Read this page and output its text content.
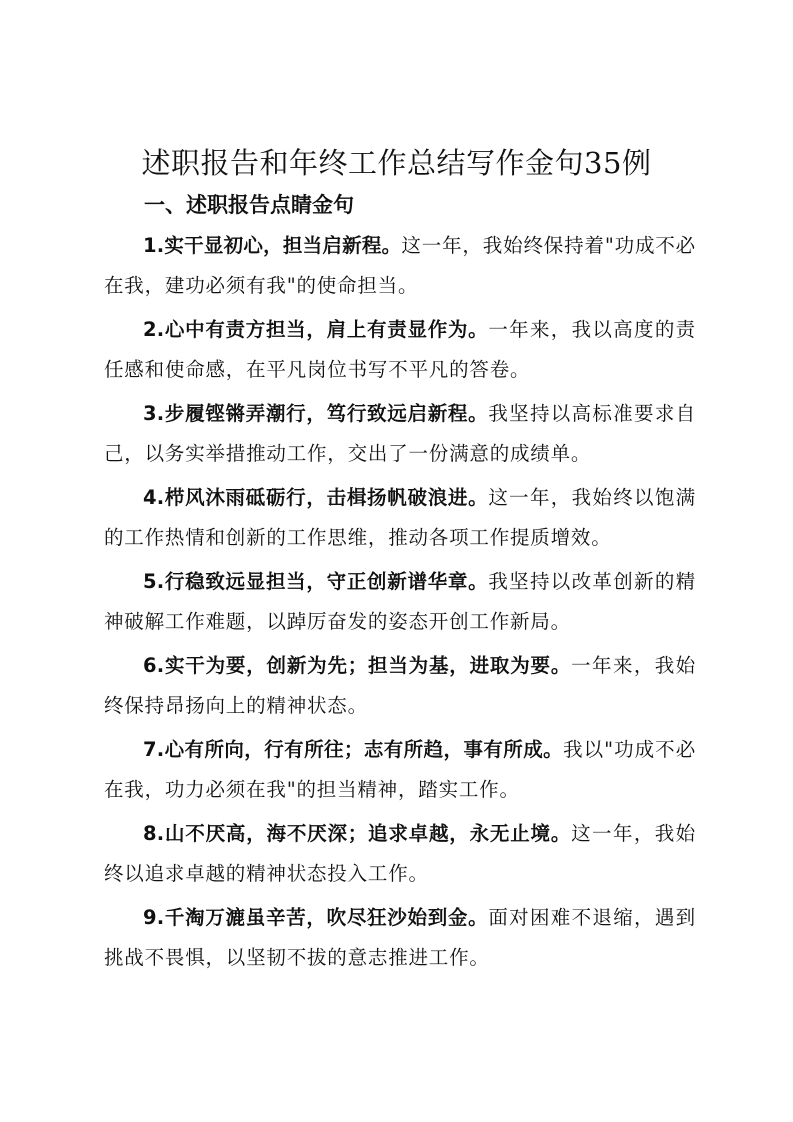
述职报告和年终工作总结写作金句35例
一、述职报告点睛金句

1.实干显初心，担当启新程。这一年，我始终保持着"功成不必在我，建功必须有我"的使命担当。

2.心中有责方担当，肩上有责显作为。一年来，我以高度的责任感和使命感，在平凡岗位书写不平凡的答卷。

3.步履铿锵弄潮行，笃行致远启新程。我坚持以高标准要求自己，以务实举措推动工作，交出了一份满意的成绩单。

4.栉风沐雨砥砺行，击楫扬帆破浪进。这一年，我始终以饱满的工作热情和创新的工作思维，推动各项工作提质增效。

5.行稳致远显担当，守正创新谱华章。我坚持以改革创新的精神破解工作难题，以踔厉奋发的姿态开创工作新局。

6.实干为要，创新为先；担当为基，进取为要。一年来，我始终保持昂扬向上的精神状态。

7.心有所向，行有所往；志有所趋，事有所成。我以"功成不必在我，功力必须在我"的担当精神，踏实工作。

8.山不厌高，海不厌深；追求卓越，永无止境。这一年，我始终以追求卓越的精神状态投入工作。

9.千淘万漉虽辛苦，吹尽狂沙始到金。面对困难不退缩，遇到挑战不畏惧，以坚韧不拔的意志推进工作。
